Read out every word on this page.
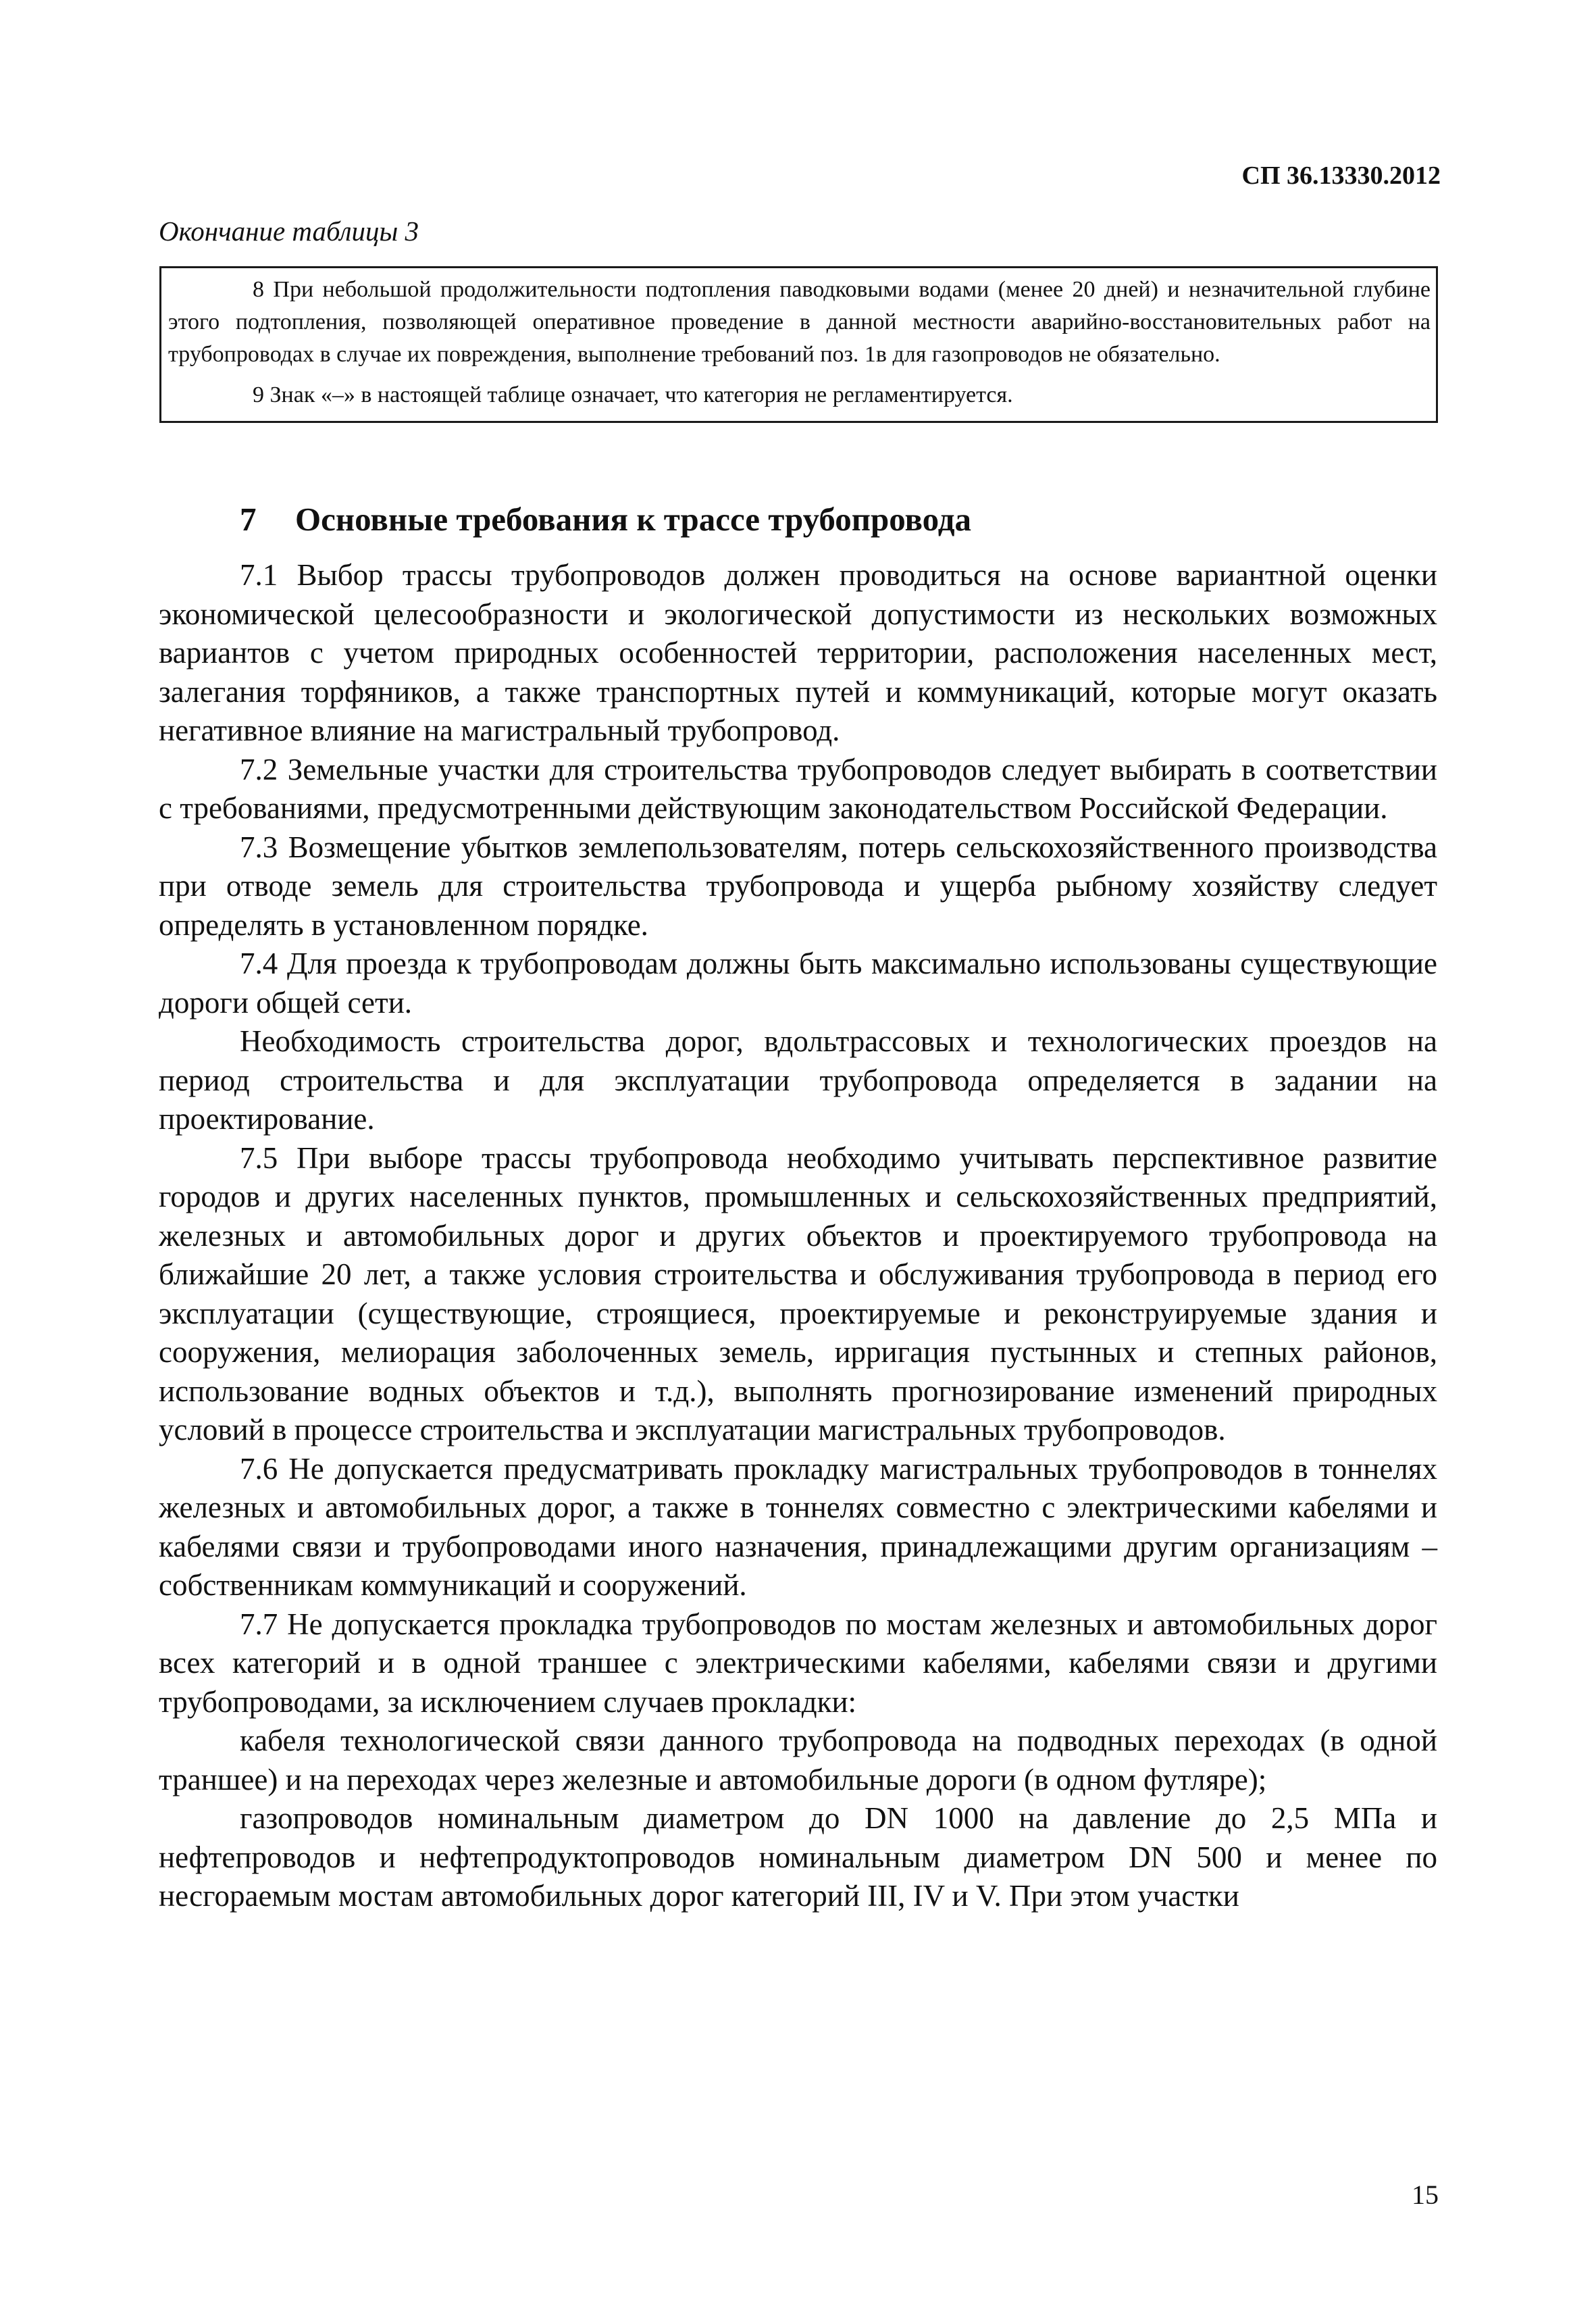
СП 36.13330.2012
Окончание таблицы 3

8 При небольшой продолжительности подтопления паводковыми водами (менее 20 дней) и незначительной глубине этого подтопления, позволяющей оперативное проведение в данной местности аварийно-восстановительных работ на трубопроводах в случае их повреждения, выполнение требований поз. 1в для газопроводов не обязательно.

9 Знак «–» в настоящей таблице означает, что категория не регламентируется.

7 Основные требования к трассе трубопровода

7.1 Выбор трассы трубопроводов должен проводиться на основе вариантной оценки экономической целесообразности и экологической допустимости из нескольких возможных вариантов с учетом природных особенностей территории, расположения населенных мест, залегания торфяников, а также транспортных путей и коммуникаций, которые могут оказать негативное влияние на магистральный трубопровод.

7.2 Земельные участки для строительства трубопроводов следует выбирать в соответствии с требованиями, предусмотренными действующим законодательством Российской Федерации.

7.3 Возмещение убытков землепользователям, потерь сельскохозяйственного производства при отводе земель для строительства трубопровода и ущерба рыбному хозяйству следует определять в установленном порядке.

7.4 Для проезда к трубопроводам должны быть максимально использованы существующие дороги общей сети.

Необходимость строительства дорог, вдольтрассовых и технологических проездов на период строительства и для эксплуатации трубопровода определяется в задании на проектирование.

7.5 При выборе трассы трубопровода необходимо учитывать перспективное развитие городов и других населенных пунктов, промышленных и сельскохозяйственных предприятий, железных и автомобильных дорог и других объектов и проектируемого трубопровода на ближайшие 20 лет, а также условия строительства и обслуживания трубопровода в период его эксплуатации (существующие, строящиеся, проектируемые и реконструируемые здания и сооружения, мелиорация заболоченных земель, ирригация пустынных и степных районов, использование водных объектов и т.д.), выполнять прогнозирование изменений природных условий в процессе строительства и эксплуатации магистральных трубопроводов.

7.6 Не допускается предусматривать прокладку магистральных трубопроводов в тоннелях железных и автомобильных дорог, а также в тоннелях совместно с электрическими кабелями и кабелями связи и трубопроводами иного назначения, принадлежащими другим организациям – собственникам коммуникаций и сооружений.

7.7 Не допускается прокладка трубопроводов по мостам железных и автомобильных дорог всех категорий и в одной траншее с электрическими кабелями, кабелями связи и другими трубопроводами, за исключением случаев прокладки:

кабеля технологической связи данного трубопровода на подводных переходах (в одной траншее) и на переходах через железные и автомобильные дороги (в одном футляре);

газопроводов номинальным диаметром до DN 1000 на давление до 2,5 МПа и нефтепроводов и нефтепродуктопроводов номинальным диаметром DN 500 и менее по несгораемым мостам автомобильных дорог категорий III, IV и V. При этом участки

15
